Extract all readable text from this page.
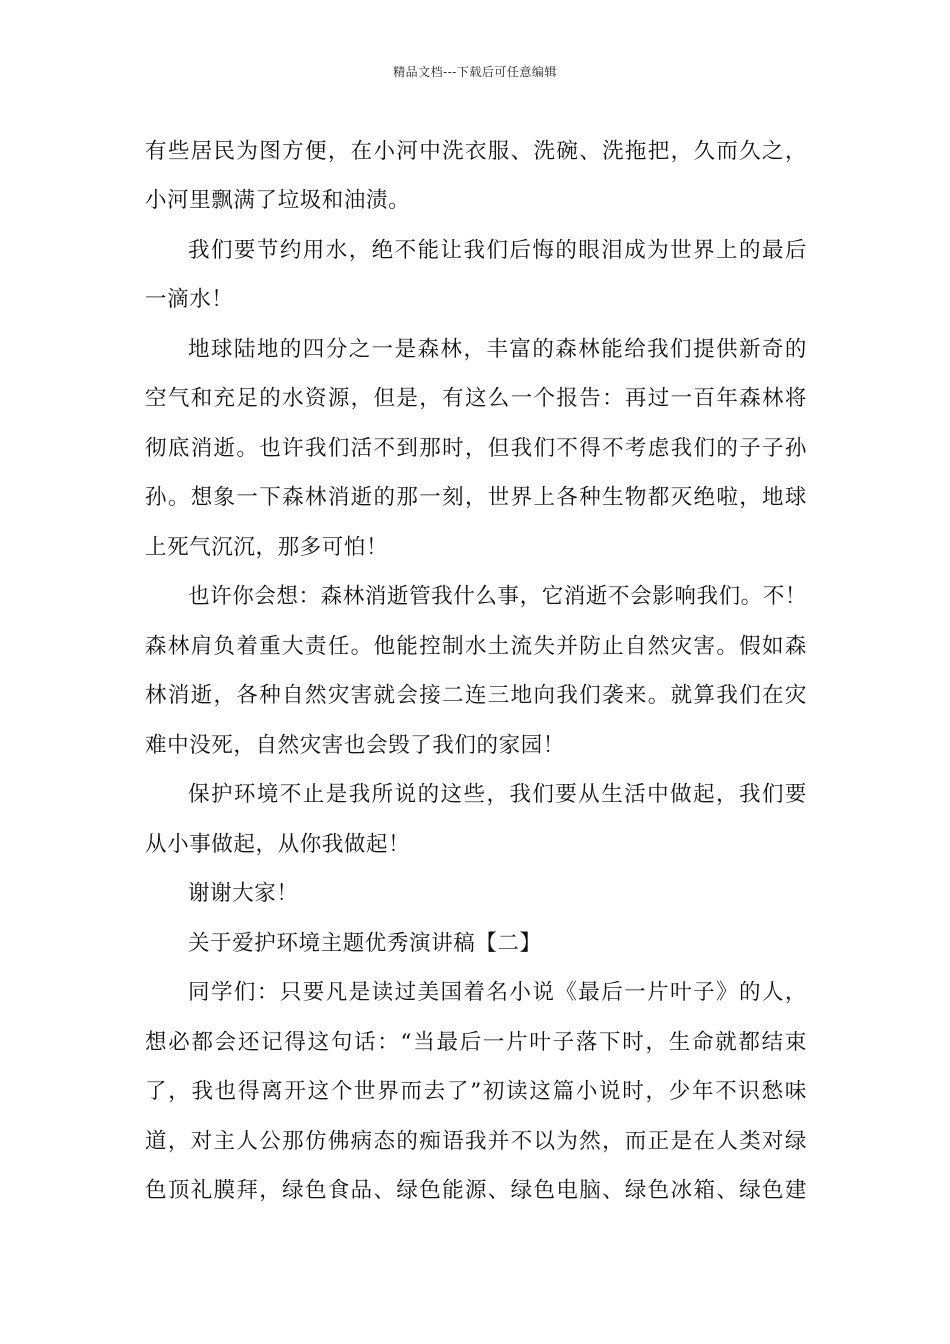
精品文档---下载后可任意编辑
有些居民为图方便，在小河中洗衣服、洗碗、洗拖把，久而久之，
小河里飘满了垃圾和油渍。
我们要节约用水，绝不能让我们后悔的眼泪成为世界上的最后
一滴水！
地球陆地的四分之一是森林，丰富的森林能给我们提供新奇的
空气和充足的水资源，但是，有这么一个报告：再过一百年森林将
彻底消逝。也许我们活不到那时，但我们不得不考虑我们的子子孙
孙。想象一下森林消逝的那一刻，世界上各种生物都灭绝啦，地球
上死气沉沉，那多可怕！
也许你会想：森林消逝管我什么事，它消逝不会影响我们。不！
森林肩负着重大责任。他能控制水土流失并防止自然灾害。假如森
林消逝，各种自然灾害就会接二连三地向我们袭来。就算我们在灾
难中没死，自然灾害也会毁了我们的家园！
保护环境不止是我所说的这些，我们要从生活中做起，我们要
从小事做起，从你我做起！
谢谢大家！
关于爱护环境主题优秀演讲稿【二】
同学们：只要凡是读过美国着名小说《最后一片叶子》的人，
想必都会还记得这句话：“当最后一片叶子落下时，生命就都结束
了，我也得离开这个世界而去了”初读这篇小说时，少年不识愁味
道，对主人公那仿佛病态的痴语我并不以为然，而正是在人类对绿
色顶礼膜拜，绿色食品、绿色能源、绿色电脑、绿色冰箱、绿色建
